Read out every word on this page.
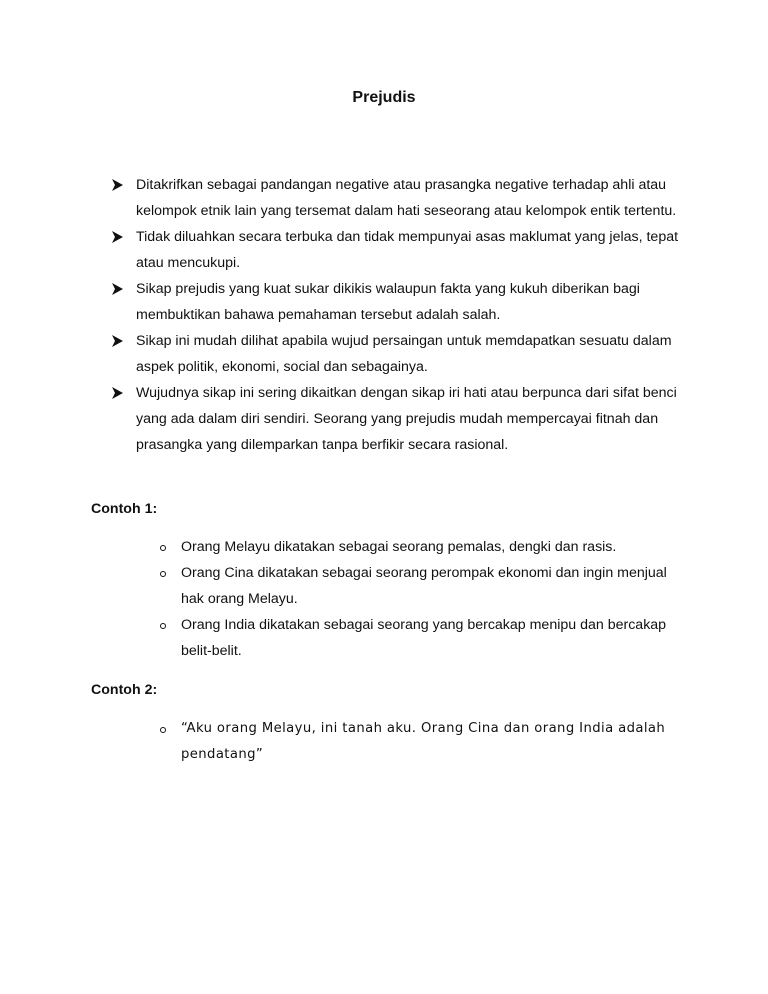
Prejudis
Ditakrifkan sebagai pandangan negative atau prasangka negative terhadap ahli atau kelompok etnik lain yang tersemat dalam hati seseorang atau kelompok entik tertentu.
Tidak diluahkan secara terbuka dan tidak mempunyai asas maklumat yang jelas, tepat atau mencukupi.
Sikap prejudis yang kuat sukar dikikis walaupun fakta yang kukuh diberikan bagi membuktikan bahawa pemahaman tersebut adalah salah.
Sikap ini mudah dilihat apabila wujud persaingan untuk memdapatkan sesuatu dalam aspek politik, ekonomi, social dan sebagainya.
Wujudnya sikap ini sering dikaitkan dengan sikap iri hati atau berpunca dari sifat benci yang ada dalam diri sendiri. Seorang yang prejudis mudah mempercayai fitnah dan prasangka yang dilemparkan tanpa berfikir secara rasional.
Contoh 1:
Orang Melayu dikatakan sebagai seorang pemalas, dengki dan rasis.
Orang Cina dikatakan sebagai seorang perompak ekonomi dan ingin menjual hak orang Melayu.
Orang India dikatakan sebagai seorang yang bercakap menipu dan bercakap belit-belit.
Contoh 2:
“Aku orang Melayu, ini tanah aku. Orang Cina dan orang India adalah pendatang”
